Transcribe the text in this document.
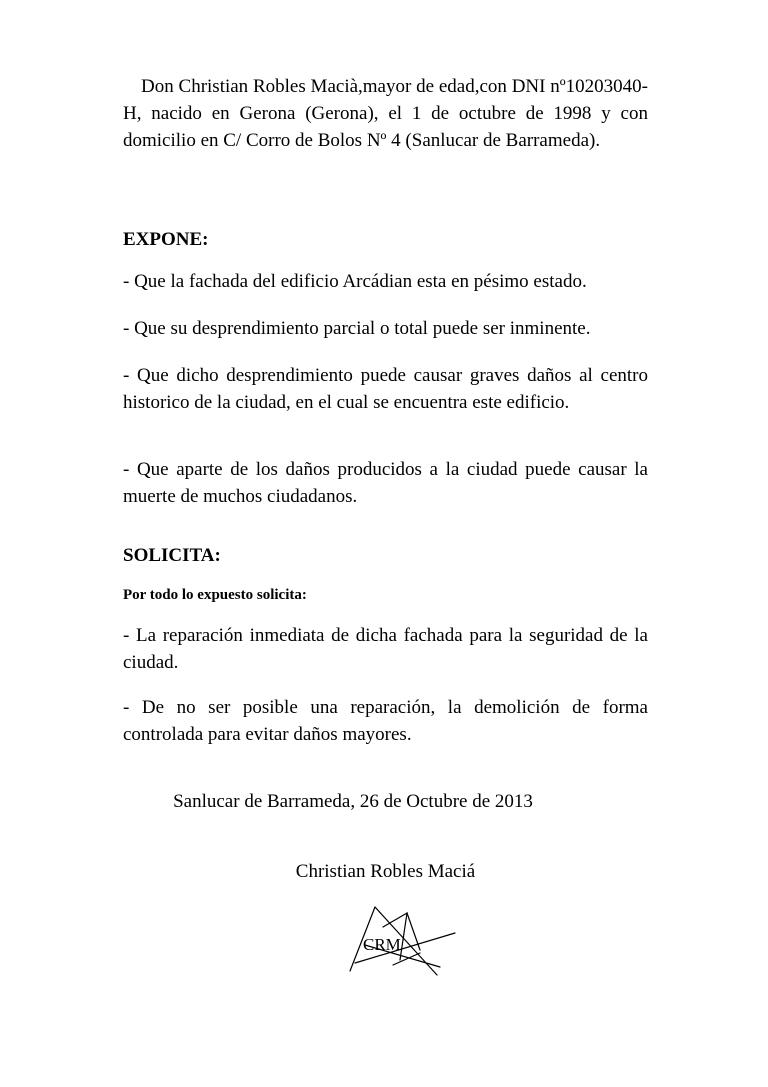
Don Christian Robles Macià,mayor de edad,con DNI nº10203040-H, nacido en Gerona (Gerona), el 1 de octubre de 1998 y con domicilio en C/ Corro de Bolos Nº 4 (Sanlucar de Barrameda).

EXPONE:

- Que la fachada del edificio Arcádian esta en pésimo estado.

- Que su desprendimiento parcial o total puede ser inminente.

- Que dicho desprendimiento puede causar graves daños al centro historico de la ciudad, en el cual se encuentra este edificio.

- Que aparte de los daños producidos a la ciudad puede causar la muerte de muchos ciudadanos.

SOLICITA:

Por todo lo expuesto solicita:

- La reparación inmediata de dicha fachada para la seguridad de la ciudad.

- De no ser posible una reparación, la demolición de forma controlada para evitar daños mayores.

Sanlucar de Barrameda, 26 de Octubre de 2013
Christian Robles Maciá
CRM
